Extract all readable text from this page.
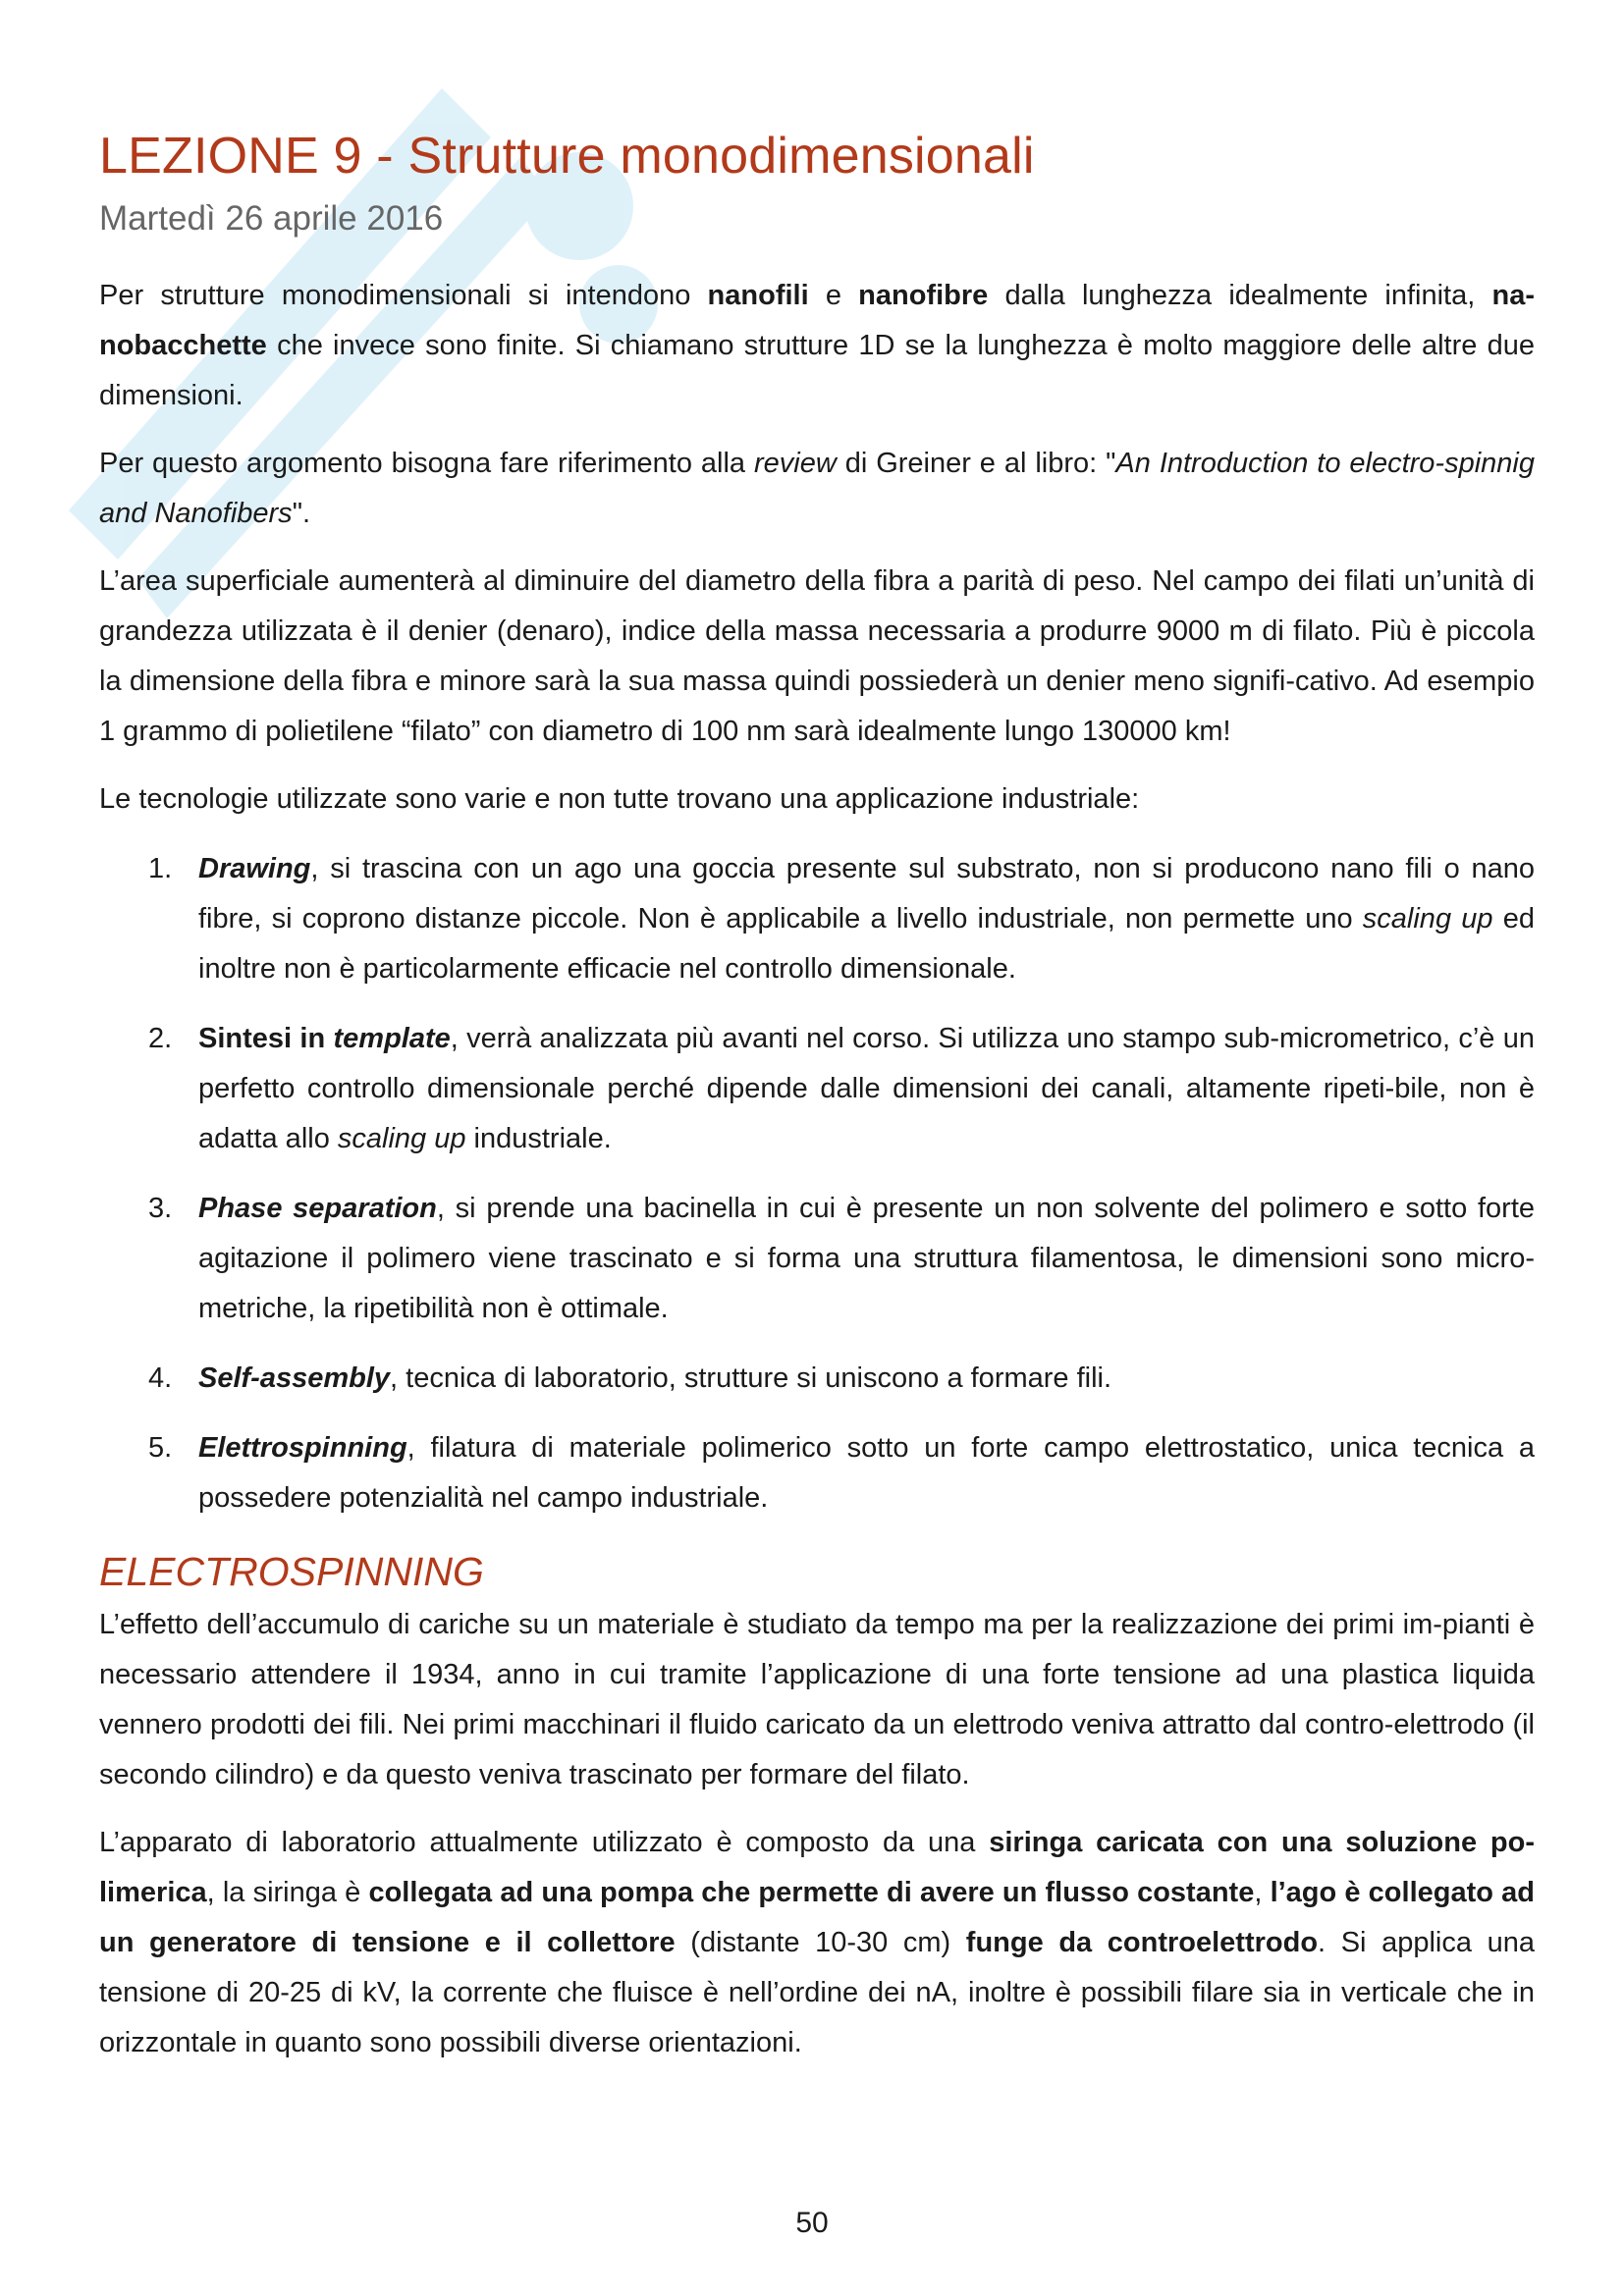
LEZIONE 9 - Strutture monodimensionali
Martedì 26 aprile 2016

Per strutture monodimensionali si intendono nanofili e nanofibre dalla lunghezza idealmente infinita, na-nobacchette che invece sono finite. Si chiamano strutture 1D se la lunghezza è molto maggiore delle altre due dimensioni.

Per questo argomento bisogna fare riferimento alla review di Greiner e al libro: "An Introduction to electro-spinnig and Nanofibers".

L’area superficiale aumenterà al diminuire del diametro della fibra a parità di peso. Nel campo dei filati un’unità di grandezza utilizzata è il denier (denaro), indice della massa necessaria a produrre 9000 m di filato. Più è piccola la dimensione della fibra e minore sarà la sua massa quindi possiederà un denier meno signifi-cativo. Ad esempio 1 grammo di polietilene “filato” con diametro di 100 nm sarà idealmente lungo 130000 km!

Le tecnologie utilizzate sono varie e non tutte trovano una applicazione industriale:

1. Drawing, si trascina con un ago una goccia presente sul substrato, non si producono nano fili o nano fibre, si coprono distanze piccole. Non è applicabile a livello industriale, non permette uno scaling up ed inoltre non è particolarmente efficacie nel controllo dimensionale.
2. Sintesi in template, verrà analizzata più avanti nel corso. Si utilizza uno stampo sub-micrometrico, c’è un perfetto controllo dimensionale perché dipende dalle dimensioni dei canali, altamente ripeti-bile, non è adatta allo scaling up industriale.
3. Phase separation, si prende una bacinella in cui è presente un non solvente del polimero e sotto forte agitazione il polimero viene trascinato e si forma una struttura filamentosa, le dimensioni sono micro-metriche, la ripetibilità non è ottimale.
4. Self-assembly, tecnica di laboratorio, strutture si uniscono a formare fili.
5. Elettrospinning, filatura di materiale polimerico sotto un forte campo elettrostatico, unica tecnica a possedere potenzialità nel campo industriale.
ELECTROSPINNING

L’effetto dell’accumulo di cariche su un materiale è studiato da tempo ma per la realizzazione dei primi im-pianti è necessario attendere il 1934, anno in cui tramite l’applicazione di una forte tensione ad una plastica liquida vennero prodotti dei fili. Nei primi macchinari il fluido caricato da un elettrodo veniva attratto dal contro-elettrodo (il secondo cilindro) e da questo veniva trascinato per formare del filato.

L’apparato di laboratorio attualmente utilizzato è composto da una siringa caricata con una soluzione po-limerica, la siringa è collegata ad una pompa che permette di avere un flusso costante, l’ago è collegato ad un generatore di tensione e il collettore (distante 10-30 cm) funge da controelettrodo. Si applica una tensione di 20-25 di kV, la corrente che fluisce è nell’ordine dei nA, inoltre è possibili filare sia in verticale che in orizzontale in quanto sono possibili diverse orientazioni.

50
